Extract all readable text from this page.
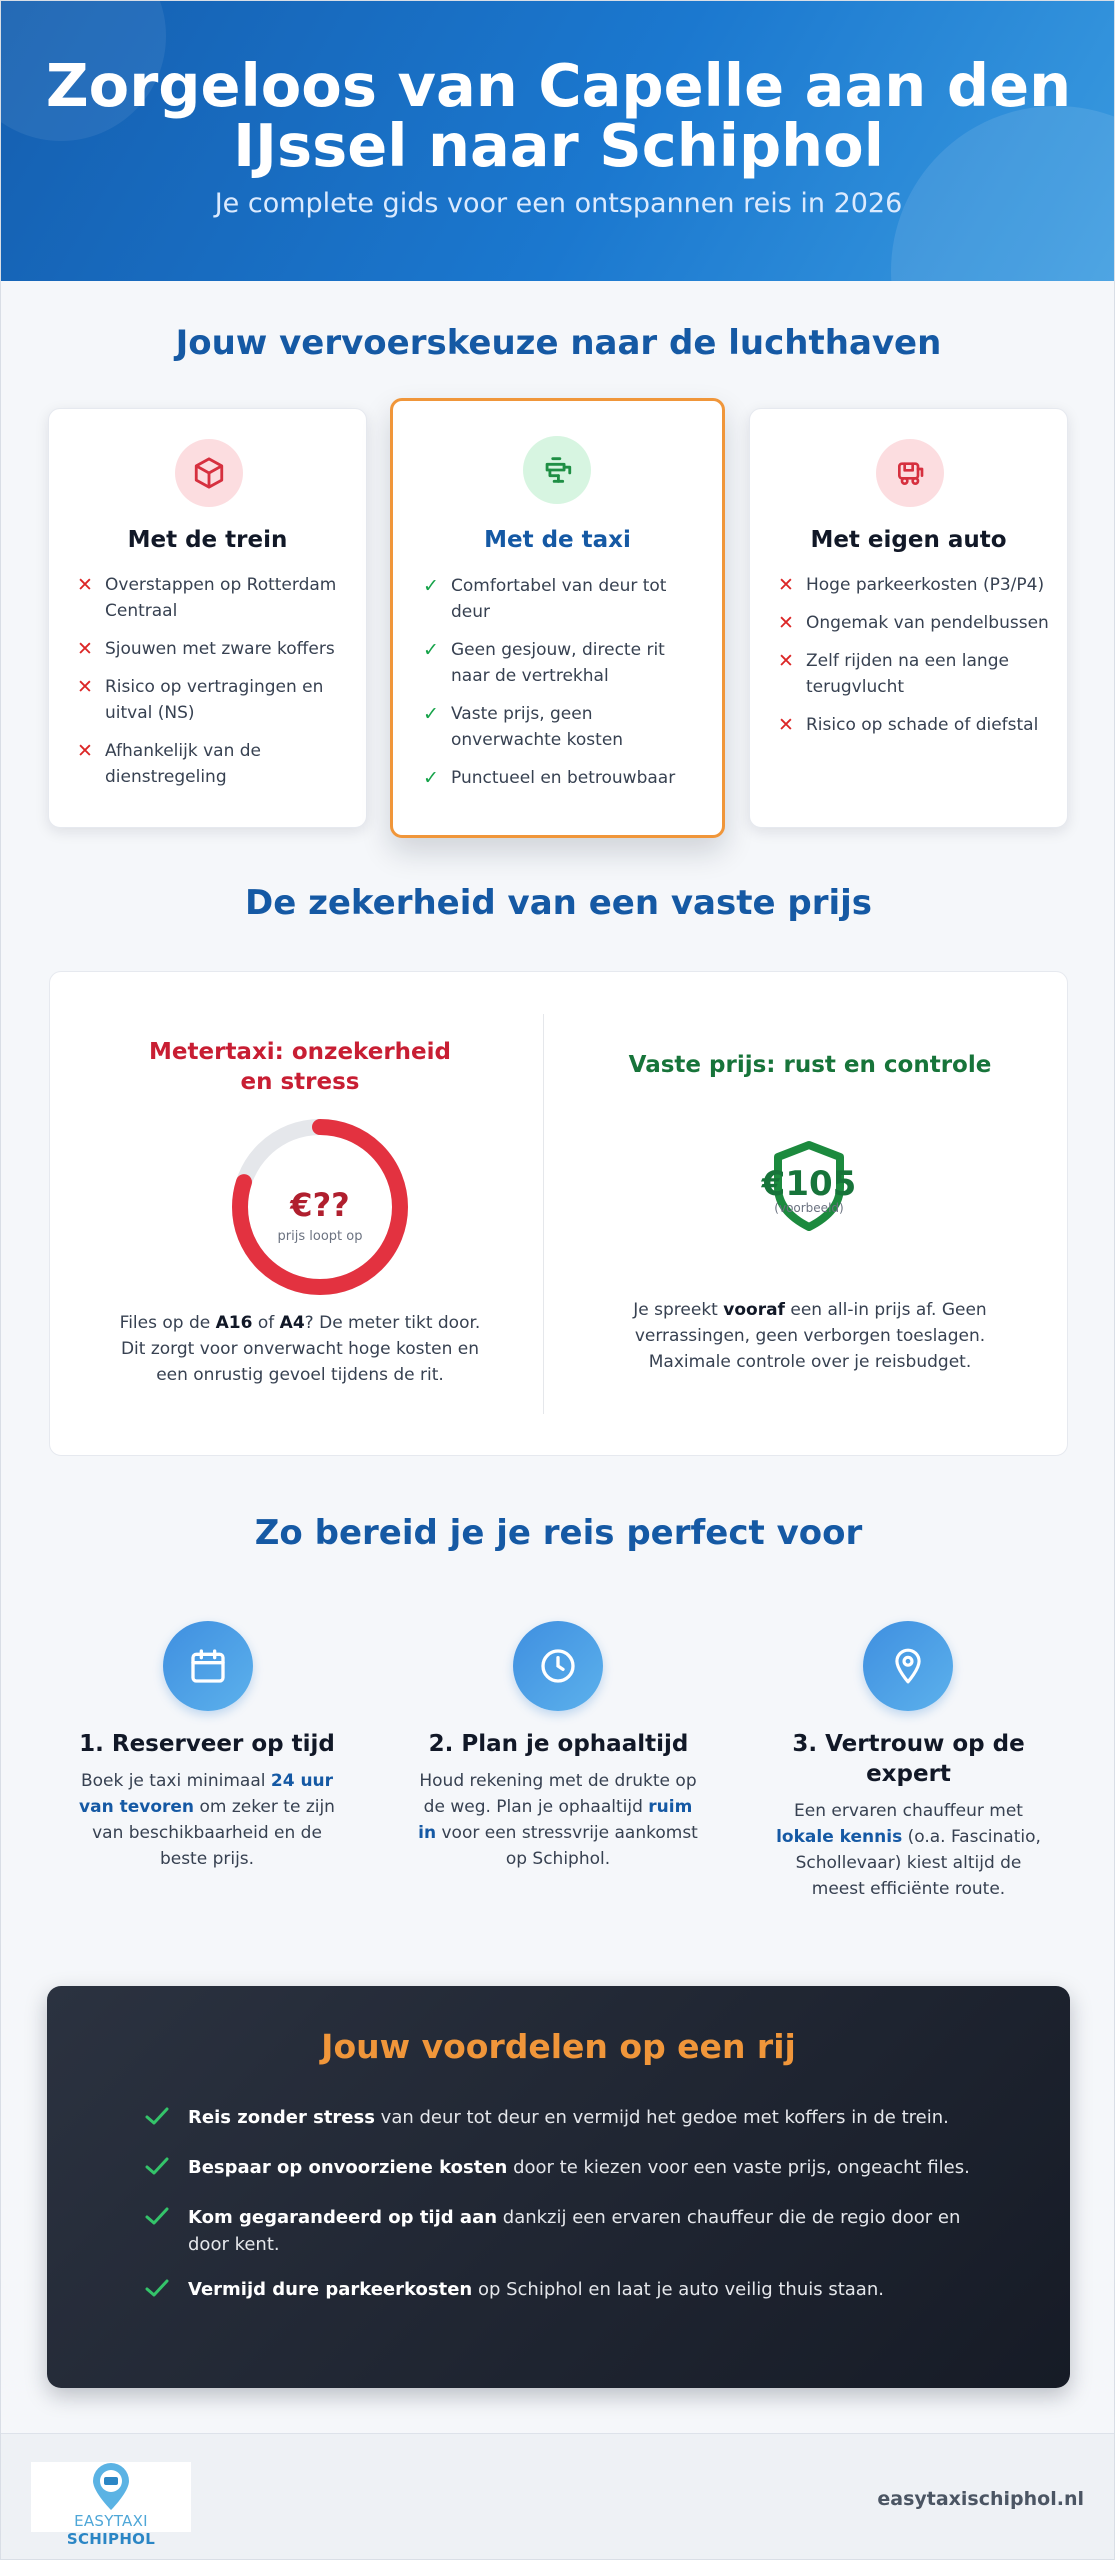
Zorgeloos van Capelle aan den
IJssel naar Schiphol
Je complete gids voor een ontspannen reis in 2026
Jouw vervoerskeuze naar de luchthaven
Met de trein
✕ Overstappen op Rotterdam Centraal
✕ Sjouwen met zware koffers
✕ Risico op vertragingen en uitval (NS)
✕ Afhankelijk van de dienstregeling
Met de taxi
✓ Comfortabel van deur tot deur
✓ Geen gesjouw, directe rit naar de vertrekhal
✓ Vaste prijs, geen onverwachte kosten
✓ Punctueel en betrouwbaar
Met eigen auto
✕ Hoge parkeerkosten (P3/P4)
✕ Ongemak van pendelbussen
✕ Zelf rijden na een lange terugvlucht
✕ Risico op schade of diefstal
De zekerheid van een vaste prijs
Metertaxi: onzekerheid en stress
€??
prijs loopt op
Files op de A16 of A4? De meter tikt door. Dit zorgt voor onverwacht hoge kosten en een onrustig gevoel tijdens de rit.
Vaste prijs: rust en controle
€105
(voorbeeld)
Je spreekt vooraf een all-in prijs af. Geen verrassingen, geen verborgen toeslagen. Maximale controle over je reisbudget.
Zo bereid je je reis perfect voor
1. Reserveer op tijd
Boek je taxi minimaal 24 uur van tevoren om zeker te zijn van beschikbaarheid en de beste prijs.
2. Plan je ophaaltijd
Houd rekening met de drukte op de weg. Plan je ophaaltijd ruim in voor een stressvrije aankomst op Schiphol.
3. Vertrouw op de expert
Een ervaren chauffeur met lokale kennis (o.a. Fascinatio, Schollevaar) kiest altijd de meest efficiënte route.
Jouw voordelen op een rij
Reis zonder stress van deur tot deur en vermijd het gedoe met koffers in de trein.
Bespaar op onvoorziene kosten door te kiezen voor een vaste prijs, ongeacht files.
Kom gegarandeerd op tijd aan dankzij een ervaren chauffeur die de regio door en door kent.
Vermijd dure parkeerkosten op Schiphol en laat je auto veilig thuis staan.
EASYTAXI SCHIPHOL
easytaxischiphol.nl
